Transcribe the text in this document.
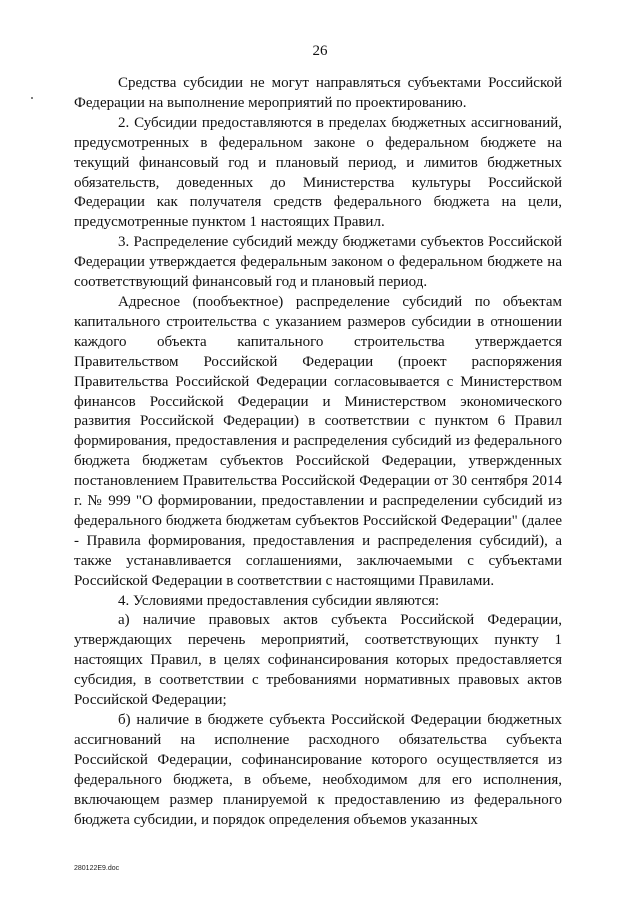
26

Средства субсидии не могут направляться субъектами Российской Федерации на выполнение мероприятий по проектированию.

2. Субсидии предоставляются в пределах бюджетных ассигнований, предусмотренных в федеральном законе о федеральном бюджете на текущий финансовый год и плановый период, и лимитов бюджетных обязательств, доведенных до Министерства культуры Российской Федерации как получателя средств федерального бюджета на цели, предусмотренные пунктом 1 настоящих Правил.

3. Распределение субсидий между бюджетами субъектов Российской Федерации утверждается федеральным законом о федеральном бюджете на соответствующий финансовый год и плановый период.

Адресное (пообъектное) распределение субсидий по объектам капитального строительства с указанием размеров субсидии в отношении каждого объекта капитального строительства утверждается Правительством Российской Федерации (проект распоряжения Правительства Российской Федерации согласовывается с Министерством финансов Российской Федерации и Министерством экономического развития Российской Федерации) в соответствии с пунктом 6 Правил формирования, предоставления и распределения субсидий из федерального бюджета бюджетам субъектов Российской Федерации, утвержденных постановлением Правительства Российской Федерации от 30 сентября 2014 г. № 999 "О формировании, предоставлении и распределении субсидий из федерального бюджета бюджетам субъектов Российской Федерации" (далее - Правила формирования, предоставления и распределения субсидий), а также устанавливается соглашениями, заключаемыми с субъектами Российской Федерации в соответствии с настоящими Правилами.

4. Условиями предоставления субсидии являются:

а) наличие правовых актов субъекта Российской Федерации, утверждающих перечень мероприятий, соответствующих пункту 1 настоящих Правил, в целях софинансирования которых предоставляется субсидия, в соответствии с требованиями нормативных правовых актов Российской Федерации;

б) наличие в бюджете субъекта Российской Федерации бюджетных ассигнований на исполнение расходного обязательства субъекта Российской Федерации, софинансирование которого осуществляется из федерального бюджета, в объеме, необходимом для его исполнения, включающем размер планируемой к предоставлению из федерального бюджета субсидии, и порядок определения объемов указанных

280122E9.doc
